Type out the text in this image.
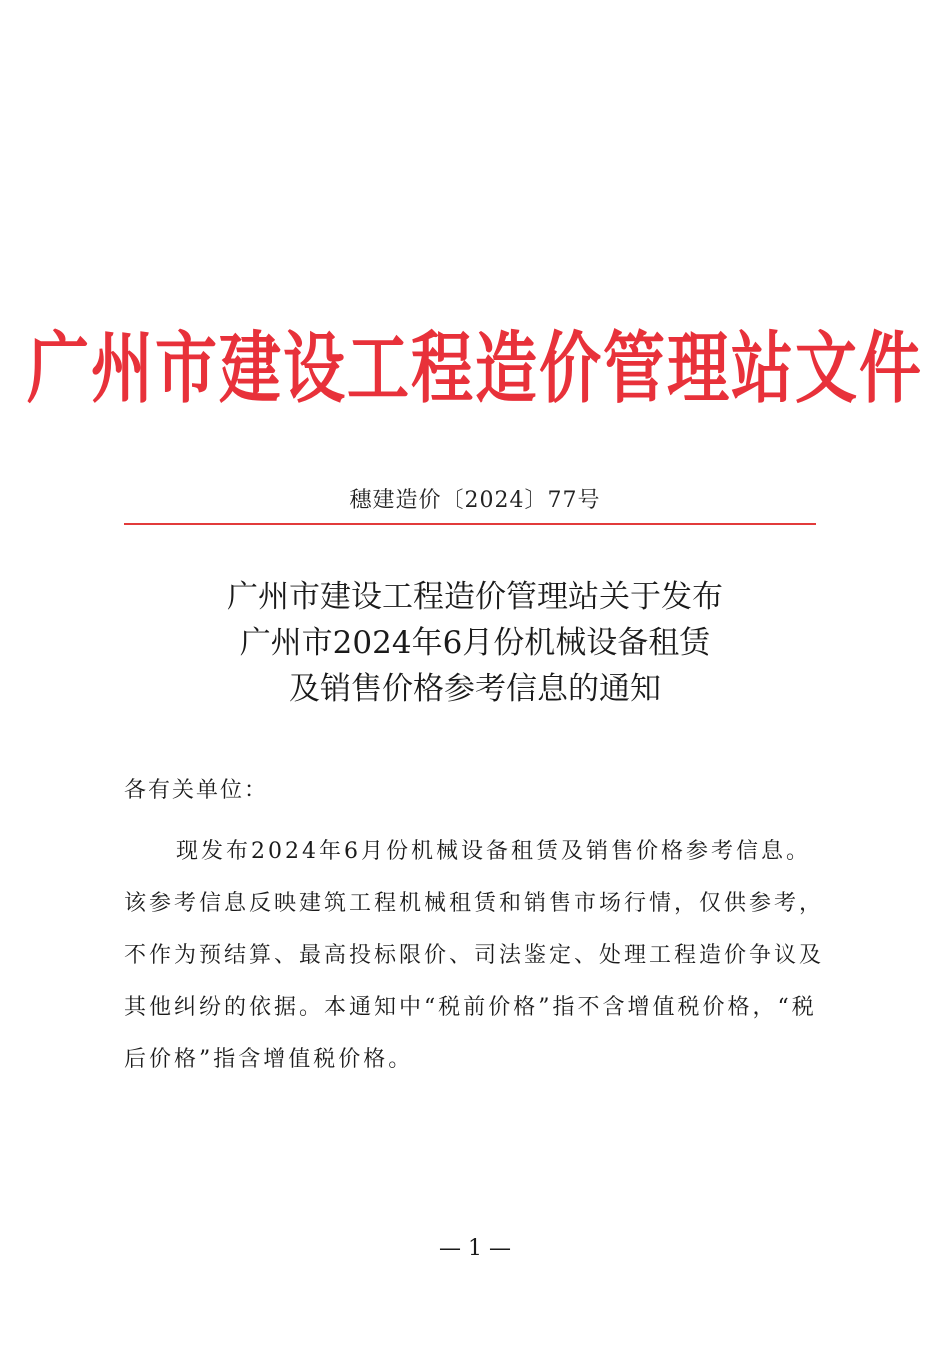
广州市建设工程造价管理站文件
穗建造价〔2024〕77号
广州市建设工程造价管理站关于发布
广州市2024年6月份机械设备租赁
及销售价格参考信息的通知
各有关单位：
现发布2024年6月份机械设备租赁及销售价格参考信息。
该参考信息反映建筑工程机械租赁和销售市场行情，仅供参考，
不作为预结算、最高投标限价、司法鉴定、处理工程造价争议及
其他纠纷的依据。本通知中“税前价格”指不含增值税价格，“税
后价格”指含增值税价格。
— 1 —
